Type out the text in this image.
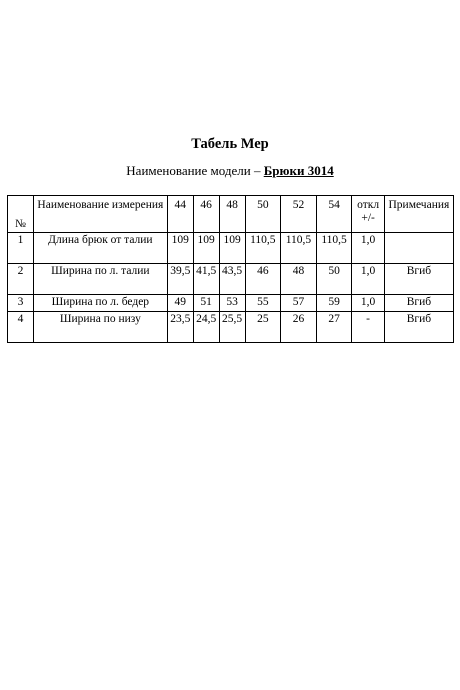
Табель Мер
Наименование модели – Брюки 3014
№	Наименование измерения	44	46	48	50	52	54	откл +/-	Примечания
1	Длина брюк от талии	109	109	109	110,5	110,5	110,5	1,0	
2	Ширина по л. талии	39,5	41,5	43,5	46	48	50	1,0	Вгиб
3	Ширина по л. бедер	49	51	53	55	57	59	1,0	Вгиб
4	Ширина по низу	23,5	24,5	25,5	25	26	27	-	Вгиб
